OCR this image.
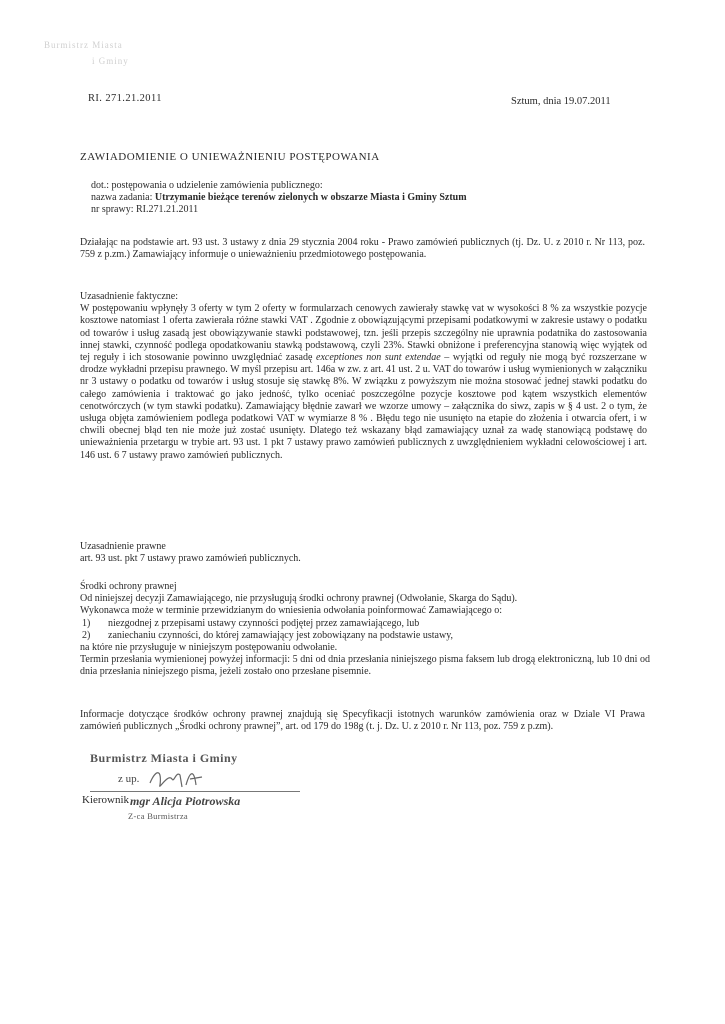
Burmistrz Miasta
i Gminy
RI. 271.21.2011	Sztum, dnia 19.07.2011
ZAWIADOMIENIE O UNIEWAŻNIENIU POSTĘPOWANIA

dot.: postępowania o udzielenie zamówienia publicznego:

nazwa zadania: Utrzymanie bieżące terenów zielonych w obszarze Miasta i Gminy Sztum

nr sprawy: RI.271.21.2011

Działając na podstawie art. 93 ust. 3 ustawy z dnia 29 stycznia 2004 roku - Prawo zamówień publicznych (tj. Dz. U. z 2010 r. Nr 113, poz. 759 z p.zm.) Zamawiający informuje o unieważnieniu przedmiotowego postępowania.

Uzasadnienie faktyczne:

W postępowaniu wpłynęły 3 oferty w tym 2 oferty w formularzach cenowych zawierały stawkę vat w wysokości 8 % za wszystkie pozycje kosztowe natomiast 1 oferta zawierała różne stawki VAT . Zgodnie z obowiązującymi przepisami podatkowymi w zakresie ustawy o podatku od towarów i usług zasadą jest obowiązywanie stawki podstawowej, tzn. jeśli przepis szczególny nie uprawnia podatnika do zastosowania innej stawki, czynność podlega opodatkowaniu stawką podstawową, czyli 23%. Stawki obniżone i preferencyjna stanowią więc wyjątek od tej reguły i ich stosowanie powinno uwzględniać zasadę exceptiones non sunt extendae – wyjątki od reguły nie mogą być rozszerzane w drodze wykładni przepisu prawnego. W myśl przepisu art. 146a w zw. z art. 41 ust. 2 u. VAT do towarów i usług wymienionych w załączniku nr 3 ustawy o podatku od towarów i usług stosuje się stawkę 8%. W związku z powyższym nie można stosować jednej stawki podatku do całego zamówienia i traktować go jako jedność, tylko oceniać poszczególne pozycje kosztowe pod kątem wszystkich elementów cenotwórczych (w tym stawki podatku). Zamawiający błędnie zawarł we wzorze umowy – załącznika do siwz, zapis w § 4 ust. 2 o tym, że usługa objęta zamówieniem podlega podatkowi VAT w wymiarze 8 % . Błędu tego nie usunięto na etapie do złożenia i otwarcia ofert, i w chwili obecnej błąd ten nie może już zostać usunięty. Dlatego też wskazany błąd zamawiający uznał za wadę stanowiącą podstawę do unieważnienia przetargu w trybie art. 93 ust. 1 pkt 7 ustawy prawo zamówień publicznych z uwzględnieniem wykładni celowościowej i art. 146 ust. 6 7 ustawy prawo zamówień publicznych.

Uzasadnienie prawne

art. 93 ust. pkt 7 ustawy prawo zamówień publicznych.

Środki ochrony prawnej

Od niniejszej decyzji Zamawiającego, nie przysługują środki ochrony prawnej (Odwołanie, Skarga do Sądu).

Wykonawca może w terminie przewidzianym do wniesienia odwołania poinformować Zamawiającego o:

1)	niezgodnej z przepisami ustawy czynności podjętej przez zamawiającego, lub
2)	zaniechaniu czynności, do której zamawiający jest zobowiązany na podstawie ustawy,

na które nie przysługuje w niniejszym postępowaniu odwołanie.

Termin przesłania wymienionej powyżej informacji: 5 dni od dnia przesłania niniejszego pisma faksem lub drogą elektroniczną, lub 10 dni od dnia przesłania niniejszego pisma, jeżeli zostało ono przesłane pisemnie.

Informacje dotyczące środków ochrony prawnej znajdują się Specyfikacji istotnych warunków zamówienia oraz w Dziale VI Prawa zamówień publicznych „Środki ochrony prawnej”, art. od 179 do 198g (t. j. Dz. U. z 2010 r. Nr 113, poz. 759 z p.zm).

Burmistrz Miasta i Gminy
z up.
Kierownik mgr Alicja Piotrowska
Z-ca Burmistrza
